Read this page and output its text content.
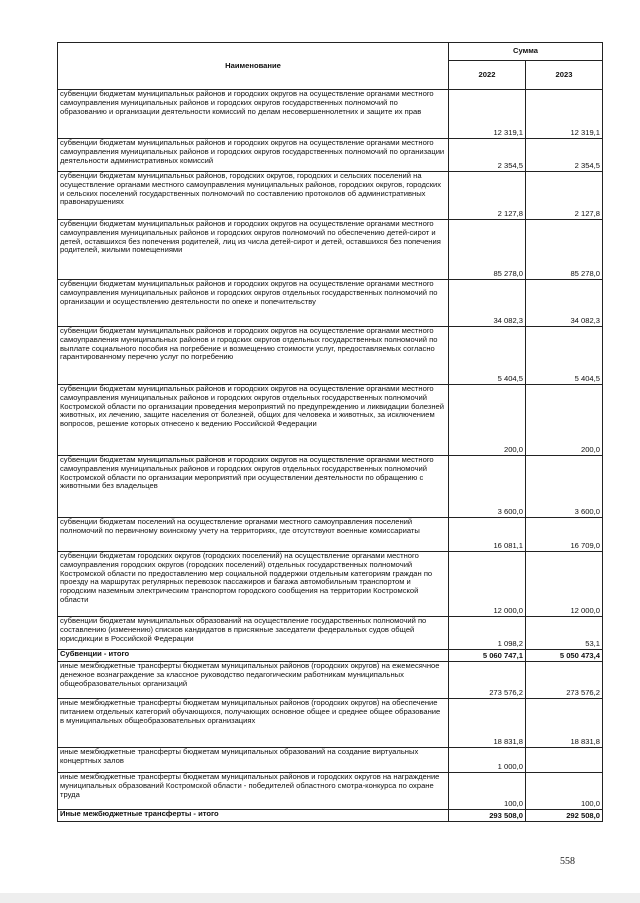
Наименование	Сумма	
	2022	2023
субвенции бюджетам муниципальных районов и городских округов на осуществление органами местного самоуправления муниципальных районов и городских округов государственных полномочий по образованию и организации деятельности комиссий по делам несовершеннолетних и защите их прав	12 319,1	12 319,1
субвенции бюджетам муниципальных районов и городских округов на осуществление органами местного самоуправления муниципальных районов и городских округов государственных полномочий по организации деятельности административных комиссий	2 354,5	2 354,5
субвенции бюджетам муниципальных районов, городских округов, городских и сельских поселений на осуществление органами местного самоуправления муниципальных районов, городских округов, городских и сельских поселений государственных полномочий по составлению протоколов об административных правонарушениях	2 127,8	2 127,8
субвенции бюджетам муниципальных районов и городских округов на осуществление органами местного самоуправления муниципальных районов и городских округов полномочий по обеспечению детей-сирот и детей, оставшихся без попечения родителей, лиц из числа детей-сирот и детей, оставшихся без попечения родителей, жилыми помещениями	85 278,0	85 278,0
субвенции бюджетам муниципальных районов и городских округов на осуществление органами местного самоуправления муниципальных районов и городских округов отдельных государственных полномочий по организации и осуществлению деятельности по опеке и попечительству	34 082,3	34 082,3
субвенции бюджетам муниципальных районов и городских округов на осуществление органами местного самоуправления муниципальных районов и городских округов отдельных государственных полномочий по выплате социального пособия на погребение и возмещению стоимости услуг, предоставляемых согласно гарантированному перечню услуг по погребению	5 404,5	5 404,5
субвенции бюджетам муниципальных районов и городских округов на осуществление органами местного самоуправления муниципальных районов и городских округов отдельных государственных полномочий Костромской области по организации проведения мероприятий по предупреждению и ликвидации болезней животных, их лечению, защите населения от болезней, общих для человека и животных, за исключением вопросов, решение которых отнесено к ведению Российской Федерации	200,0	200,0
субвенции бюджетам муниципальных районов и городских округов на осуществление органами местного самоуправления муниципальных районов и городских округов отдельных государственных полномочий Костромской области по организации мероприятий при осуществлении деятельности по обращению с животными без владельцев	3 600,0	3 600,0
субвенции бюджетам поселений на осуществление органами местного самоуправления поселений полномочий по первичному воинскому учету на территориях, где отсутствуют военные комиссариаты	16 081,1	16 709,0
субвенции бюджетам городских округов (городских поселений) на осуществление органами местного самоуправления городских округов (городских поселений) отдельных государственных полномочий Костромской области по предоставлению мер социальной поддержки отдельным категориям граждан по проезду на маршрутах регулярных перевозок пассажиров и багажа автомобильным транспортом и городским наземным электрическим транспортом городского сообщения на территории Костромской области	12 000,0	12 000,0
субвенции бюджетам муниципальных образований на осуществление государственных полномочий по составлению (изменению) списков кандидатов в присяжные заседатели федеральных судов общей юрисдикции в Российской Федерации	1 098,2	53,1
Субвенции - итого	5 060 747,1	5 050 473,4
иные межбюджетные трансферты бюджетам муниципальных районов (городских округов) на ежемесячное денежное вознаграждение за классное руководство педагогическим работникам муниципальных общеобразовательных организаций	273 576,2	273 576,2
иные межбюджетные трансферты бюджетам муниципальных районов (городских округов) на обеспечение питанием отдельных категорий обучающихся, получающих основное общее и среднее общее образование в муниципальных общеобразовательных организациях	18 831,8	18 831,8
иные межбюджетные трансферты бюджетам муниципальных образований на создание виртуальных концертных залов	1 000,0	
иные межбюджетные трансферты бюджетам муниципальных районов и городских округов на награждение муниципальных образований Костромской области - победителей областного смотра-конкурса по охране труда	100,0	100,0
Иные межбюджетные трансферты - итого	293 508,0	292 508,0
558
